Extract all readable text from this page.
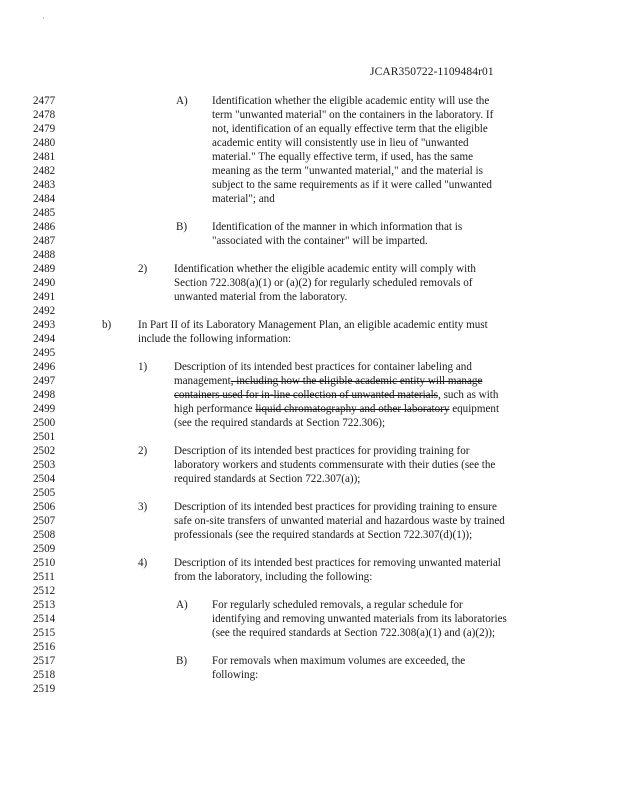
·
JCAR350722-1109484r01
2477
2478
2479
2480
2481
2482
2483
2484
2485
2486
2487
2488
2489
2490
2491
2492
2493
2494
2495
2496
2497
2498
2499
2500
2501
2502
2503
2504
2505
2506
2507
2508
2509
2510
2511
2512
2513
2514
2515
2516
2517
2518
2519
A) Identification whether the eligible academic entity will use the
term "unwanted material" on the containers in the laboratory. If
not, identification of an equally effective term that the eligible
academic entity will consistently use in lieu of "unwanted
material." The equally effective term, if used, has the same
meaning as the term "unwanted material," and the material is
subject to the same requirements as if it were called "unwanted
material"; and
B) Identification of the manner in which information that is
"associated with the container" will be imparted.
2) Identification whether the eligible academic entity will comply with
Section 722.308(a)(1) or (a)(2) for regularly scheduled removals of
unwanted material from the laboratory.
b) In Part II of its Laboratory Management Plan, an eligible academic entity must
include the following information:
1) Description of its intended best practices for container labeling and
management, including how the eligible academic entity will manage
containers used for in-line collection of unwanted materials, such as with
high performance liquid chromatography and other laboratory equipment
(see the required standards at Section 722.306);
2) Description of its intended best practices for providing training for
laboratory workers and students commensurate with their duties (see the
required standards at Section 722.307(a));
3) Description of its intended best practices for providing training to ensure
safe on-site transfers of unwanted material and hazardous waste by trained
professionals (see the required standards at Section 722.307(d)(1));
4) Description of its intended best practices for removing unwanted material
from the laboratory, including the following:
A) For regularly scheduled removals, a regular schedule for
identifying and removing unwanted materials from its laboratories
(see the required standards at Section 722.308(a)(1) and (a)(2));
B) For removals when maximum volumes are exceeded, the
following:
